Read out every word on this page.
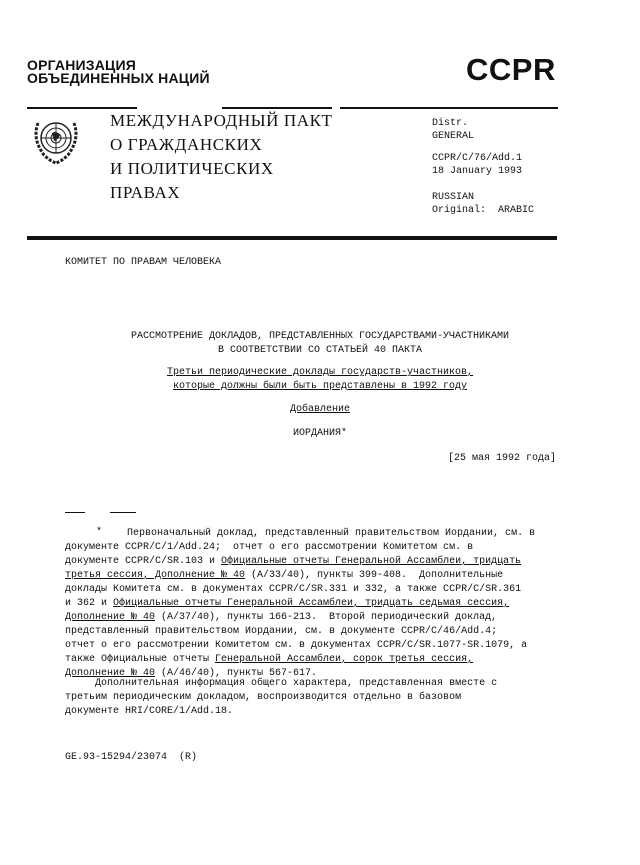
ОРГАНИЗАЦИЯ
ОБЪЕДИНЕННЫХ НАЦИЙ	CCPR
МЕЖДУНАРОДНЫЙ ПАКТ
О ГРАЖДАНСКИХ
И ПОЛИТИЧЕСКИХ
ПРАВАХ
Distr.
GENERAL
CCPR/C/76/Add.1
18 January 1993
RUSSIAN
Original:  ARABIC
КОМИТЕТ ПО ПРАВАМ ЧЕЛОВЕКА
РАССМОТРЕНИЕ ДОКЛАДОВ, ПРЕДСТАВЛЕННЫХ ГОСУДАРСТВАМИ-УЧАСТНИКАМИ
В СООТВЕТСТВИИ СО СТАТЬЕЙ 40 ПАКТА
Третьи периодические доклады государств-участников,
которые должны были быть представлены в 1992 году
Добавление
ИОРДАНИЯ*
[25 мая 1992 года]
* Первоначальный доклад, представленный правительством Иордании, см. в
документе CCPR/C/1/Add.24;  отчет о его рассмотрении Комитетом см. в
документе CCPR/C/SR.103 и Официальные отчеты Генеральной Ассамблеи, тридцать
третья сессия, Дополнение № 40 (A/33/40), пункты 399-408.  Дополнительные
доклады Комитета см. в документах CCPR/C/SR.331 и 332, а также CCPR/C/SR.361
и 362 и Официальные отчеты Генеральной Ассамблеи, тридцать седьмая сессия,
Дополнение № 40 (A/37/40), пункты 166-213.  Второй периодический доклад,
представленный правительством Иордании, см. в документе CCPR/C/46/Add.4;
отчет о его рассмотрении Комитетом см. в документах CCPR/C/SR.1077-SR.1079, а
также Официальные отчеты Генеральной Ассамблеи, сорок третья сессия,
Дополнение № 40 (A/46/40), пункты 567-617.
Дополнительная информация общего характера, представленная вместе с
третьим периодическим докладом, воспроизводится отдельно в базовом
документе HRI/CORE/1/Add.18.
GE.93-15294/23074  (R)
